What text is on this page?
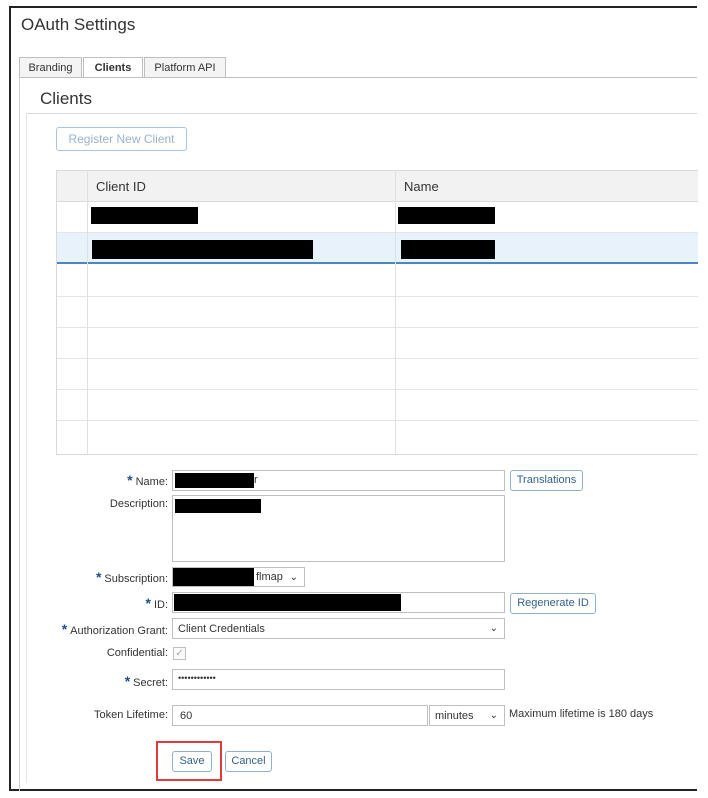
OAuth Settings
Branding	Clients	Platform API
Clients
Register New Client
Client ID	Name
* Name:	r	Translations
Description:
* Subscription:	flmap ⌄
* ID:	Regenerate ID
* Authorization Grant: Client Credentials	⌄
Confidential: ✓
* Secret: ••••••••••••
Token Lifetime: 60	minutes ⌄ Maximum lifetime is 180 days
Save	Cancel
